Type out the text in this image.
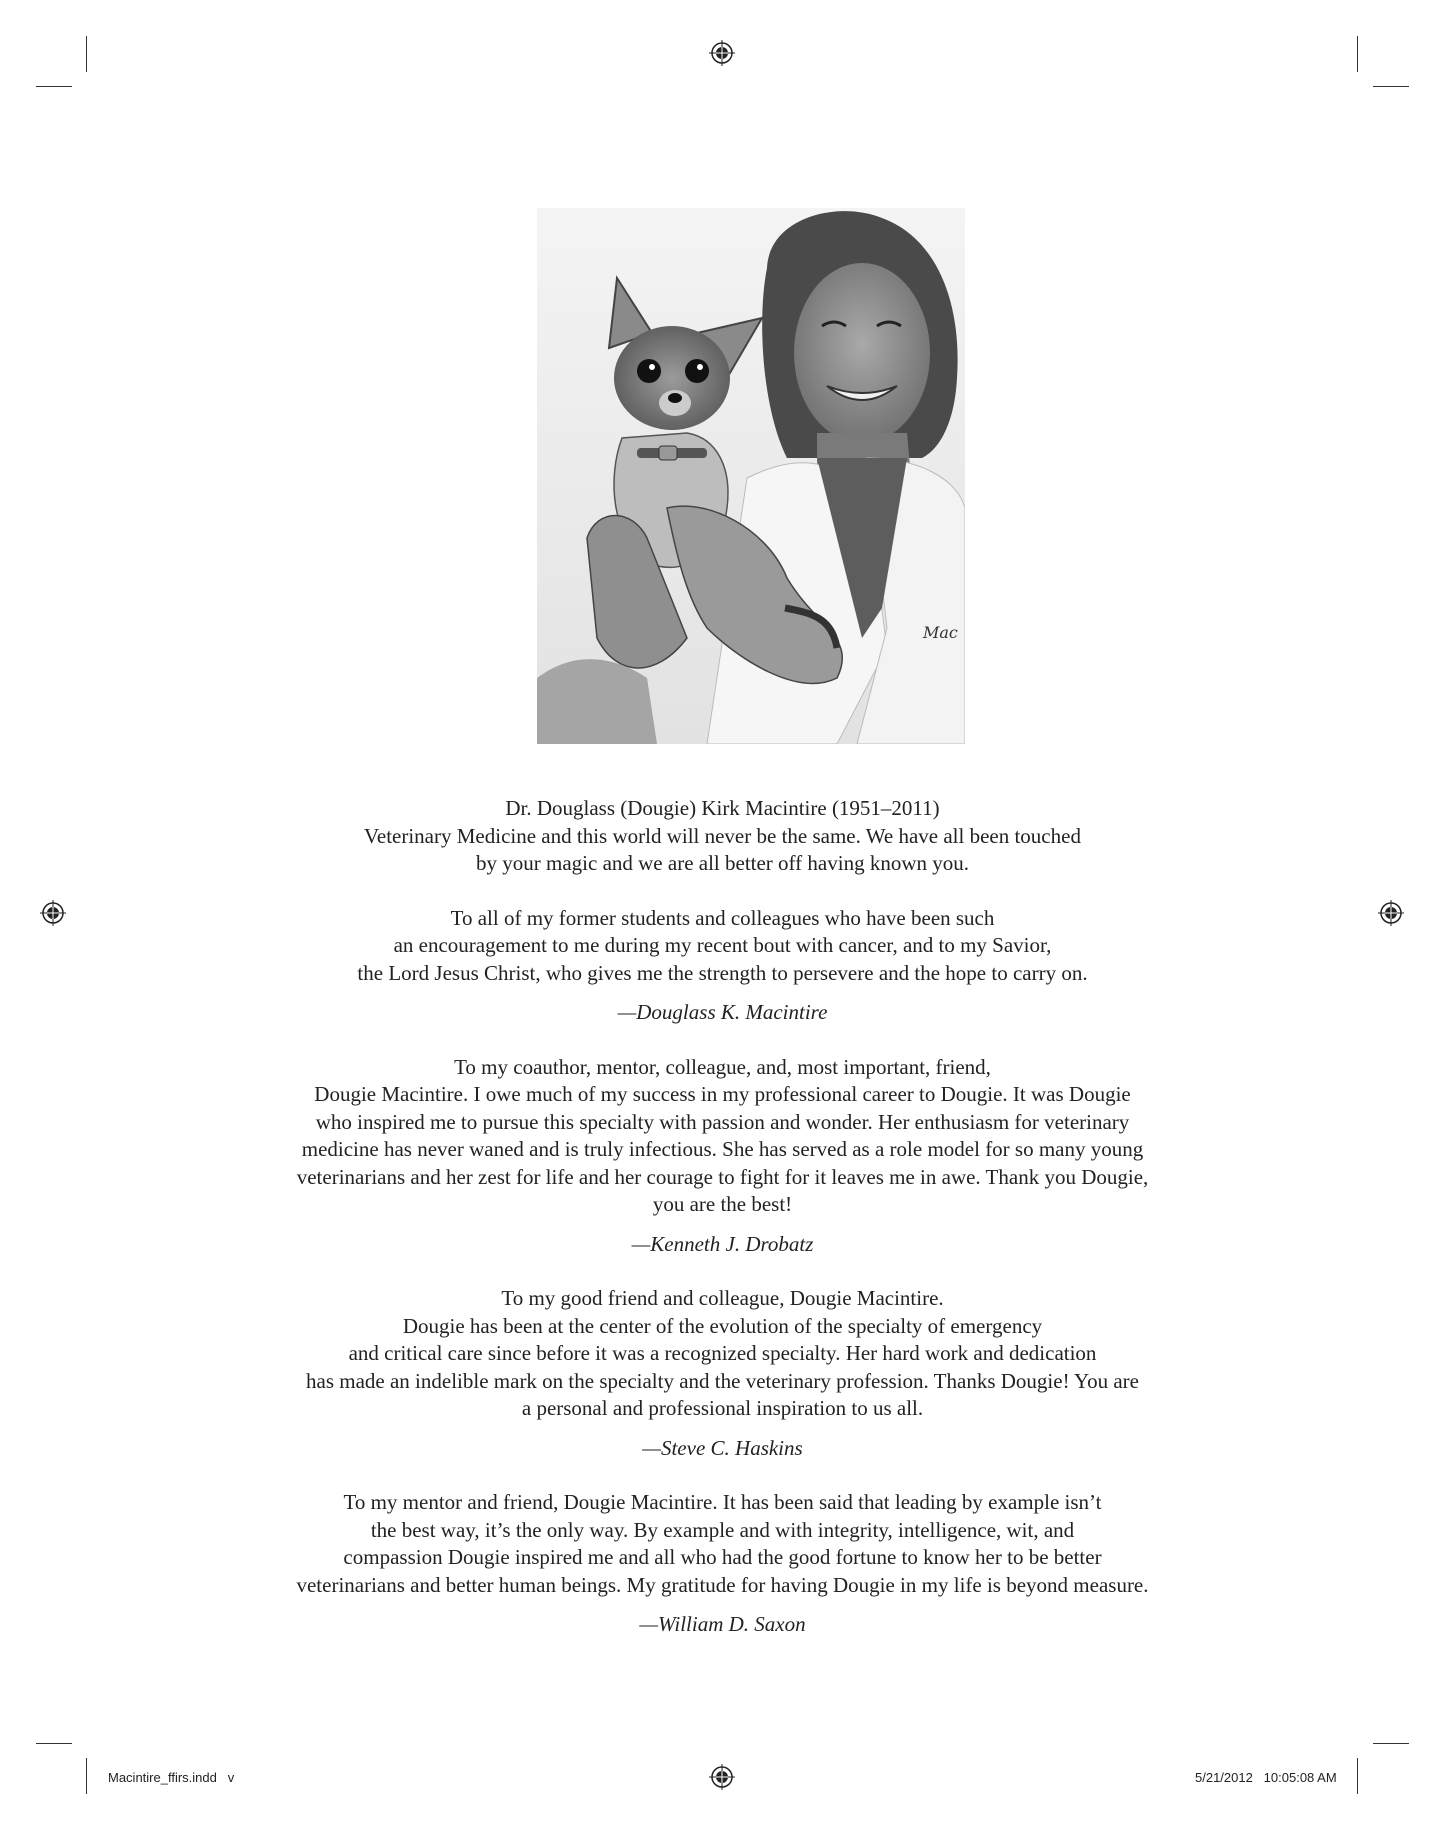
Mac

Dr. Douglass (Dougie) Kirk Macintire (1951–2011)

Veterinary Medicine and this world will never be the same. We have all been touched

by your magic and we are all better off having known you.

To all of my former students and colleagues who have been such

an encouragement to me during my recent bout with cancer, and to my Savior,

the Lord Jesus Christ, who gives me the strength to persevere and the hope to carry on.

—Douglass K. Macintire

To my coauthor, mentor, colleague, and, most important, friend,

Dougie Macintire. I owe much of my success in my professional career to Dougie. It was Dougie

who inspired me to pursue this specialty with passion and wonder. Her enthusiasm for veterinary

medicine has never waned and is truly infectious. She has served as a role model for so many young

veterinarians and her zest for life and her courage to fight for it leaves me in awe. Thank you Dougie,

you are the best!

—Kenneth J. Drobatz

To my good friend and colleague, Dougie Macintire.

Dougie has been at the center of the evolution of the specialty of emergency

and critical care since before it was a recognized specialty. Her hard work and dedication

has made an indelible mark on the specialty and the veterinary profession. Thanks Dougie! You are

a personal and professional inspiration to us all.

—Steve C. Haskins

To my mentor and friend, Dougie Macintire. It has been said that leading by example isn’t

the best way, it’s the only way. By example and with integrity, intelligence, wit, and

compassion Dougie inspired me and all who had the good fortune to know her to be better

veterinarians and better human beings. My gratitude for having Dougie in my life is beyond measure.

—William D. Saxon

Macintire_ffirs.indd   v	5/21/2012   10:05:08 AM
